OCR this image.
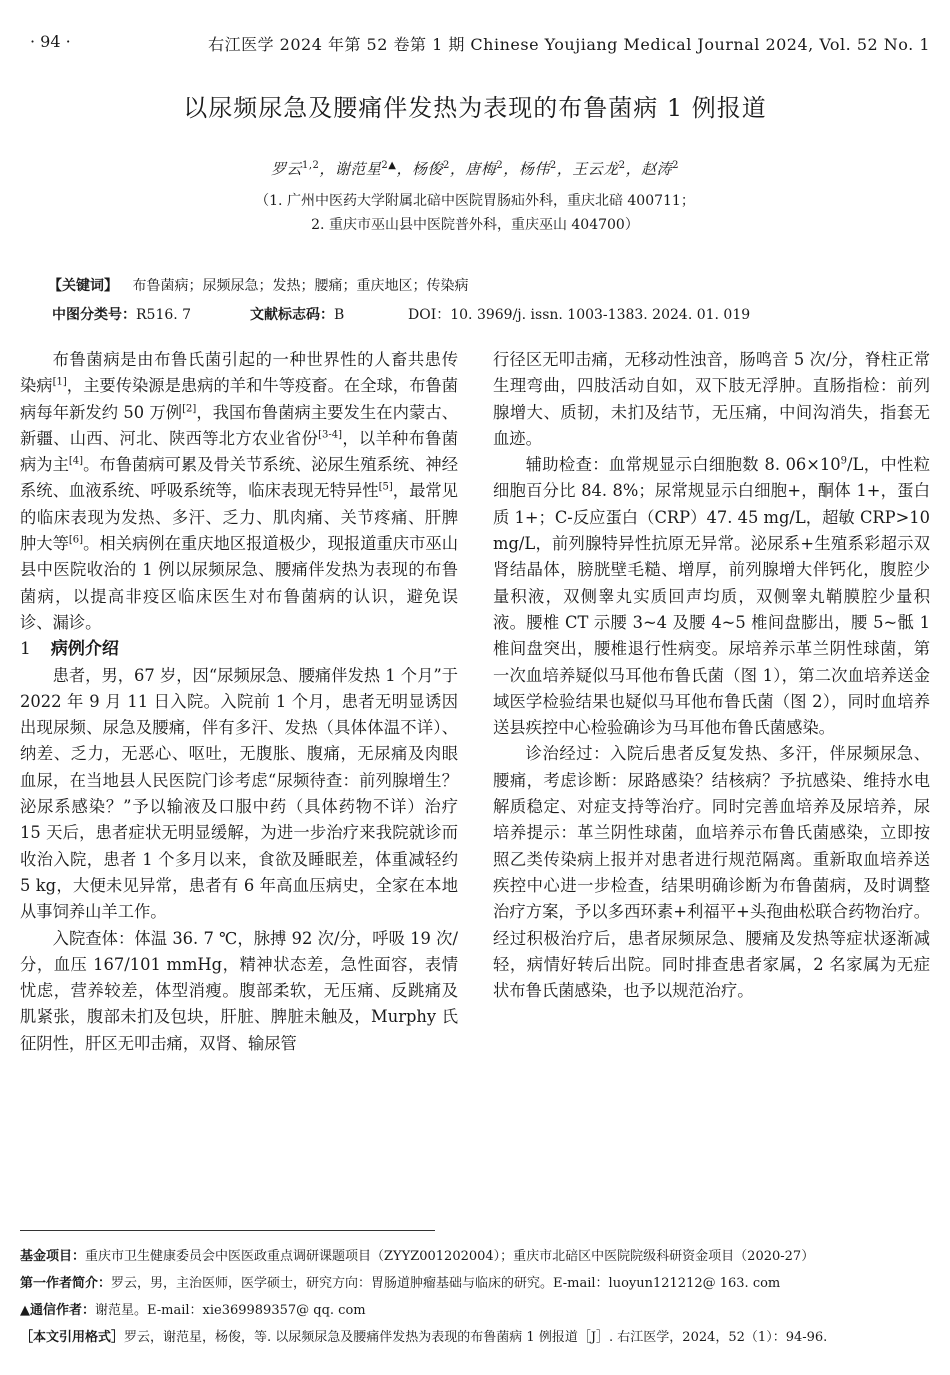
· 94 ·	右江医学 2024 年第 52 卷第 1 期 Chinese Youjiang Medical Journal 2024, Vol. 52 No. 1
以尿频尿急及腰痛伴发热为表现的布鲁菌病 1 例报道
罗云$^{1,2}$，谢范星$^{2▲}$，杨俊$^2$，唐梅$^2$，杨伟$^2$，王云龙$^2$，赵涛$^2$
（1. 广州中医药大学附属北碚中医院胃肠疝外科，重庆北碚 400711；
2. 重庆市巫山县中医院普外科，重庆巫山 404700）
【关键词】 布鲁菌病；尿频尿急；发热；腰痛；重庆地区；传染病
中图分类号：R516. 7	文献标志码：B	DOI：10. 3969/j. issn. 1003-1383. 2024. 01. 019

布鲁菌病是由布鲁氏菌引起的一种世界性的人畜共患传染病[1]，主要传染源是患病的羊和牛等疫畜。在全球，布鲁菌病每年新发约 50 万例[2]，我国布鲁菌病主要发生在内蒙古、新疆、山西、河北、陕西等北方农业省份[3-4]，以羊种布鲁菌病为主[4]。布鲁菌病可累及骨关节系统、泌尿生殖系统、神经系统、血液系统、呼吸系统等，临床表现无特异性[5]，最常见的临床表现为发热、多汗、乏力、肌肉痛、关节疼痛、肝脾肿大等[6]。相关病例在重庆地区报道极少，现报道重庆市巫山县中医院收治的 1 例以尿频尿急、腰痛伴发热为表现的布鲁菌病，以提高非疫区临床医生对布鲁菌病的认识，避免误诊、漏诊。

1 病例介绍

患者，男，67 岁，因“尿频尿急、腰痛伴发热 1 个月”于 2022 年 9 月 11 日入院。入院前 1 个月，患者无明显诱因出现尿频、尿急及腰痛，伴有多汗、发热（具体体温不详）、纳差、乏力，无恶心、呕吐，无腹胀、腹痛，无尿痛及肉眼血尿，在当地县人民医院门诊考虑“尿频待查：前列腺增生？泌尿系感染？”予以输液及口服中药（具体药物不详）治疗 15 天后，患者症状无明显缓解，为进一步治疗来我院就诊而收治入院，患者 1 个多月以来，食欲及睡眠差，体重减轻约 5 kg，大便未见异常，患者有 6 年高血压病史，全家在本地从事饲养山羊工作。

入院查体：体温 36. 7 ℃，脉搏 92 次/分，呼吸 19 次/分，血压 167/101 mmHg，精神状态差，急性面容，表情忧虑，营养较差，体型消瘦。腹部柔软，无压痛、反跳痛及肌紧张，腹部未扪及包块，肝脏、脾脏未触及，Murphy 氏征阴性，肝区无叩击痛，双肾、输尿管

行径区无叩击痛，无移动性浊音，肠鸣音 5 次/分，脊柱正常生理弯曲，四肢活动自如，双下肢无浮肿。直肠指检：前列腺增大、质韧，未扪及结节，无压痛，中间沟消失，指套无血迹。

辅助检查：血常规显示白细胞数 8. $06\times 10^9/L$，中性粒细胞百分比 84. 8%；尿常规显示白细胞+，酮体 1+，蛋白质 1+；C-反应蛋白（CRP）47. 45 mg/L，超敏 CRP>10 mg/L，前列腺特异性抗原无异常。泌尿系+生殖系彩超示双肾结晶体，膀胱壁毛糙、增厚，前列腺增大伴钙化，腹腔少量积液，双侧睾丸实质回声均质，双侧睾丸鞘膜腔少量积液。腰椎 CT 示腰 3~4 及腰 4~5 椎间盘膨出，腰 5~骶 1 椎间盘突出，腰椎退行性病变。尿培养示革兰阴性球菌，第一次血培养疑似马耳他布鲁氏菌（图 1），第二次血培养送金域医学检验结果也疑似马耳他布鲁氏菌（图 2），同时血培养送县疾控中心检验确诊为马耳他布鲁氏菌感染。

诊治经过：入院后患者反复发热、多汗，伴尿频尿急、腰痛，考虑诊断：尿路感染？结核病？予抗感染、维持水电解质稳定、对症支持等治疗。同时完善血培养及尿培养，尿培养提示：革兰阴性球菌，血培养示布鲁氏菌感染，立即按照乙类传染病上报并对患者进行规范隔离。重新取血培养送疾控中心进一步检查，结果明确诊断为布鲁菌病，及时调整治疗方案，予以多西环素+利福平+头孢曲松联合药物治疗。经过积极治疗后，患者尿频尿急、腰痛及发热等症状逐渐减轻，病情好转后出院。同时排查患者家属，2 名家属为无症状布鲁氏菌感染，也予以规范治疗。

基金项目：重庆市卫生健康委员会中医医政重点调研课题项目（ZYYZ001202004）；重庆市北碚区中医院院级科研资金项目（2020-27）
第一作者简介：罗云，男，主治医师，医学硕士，研究方向：胃肠道肿瘤基础与临床的研究。E-mail：luoyun121212@ 163. com
▲通信作者：谢范星。E-mail：xie369989357@ qq. com
［本文引用格式］罗云，谢范星，杨俊，等. 以尿频尿急及腰痛伴发热为表现的布鲁菌病 1 例报道［J］. 右江医学，2024，52（1）：94-96.
